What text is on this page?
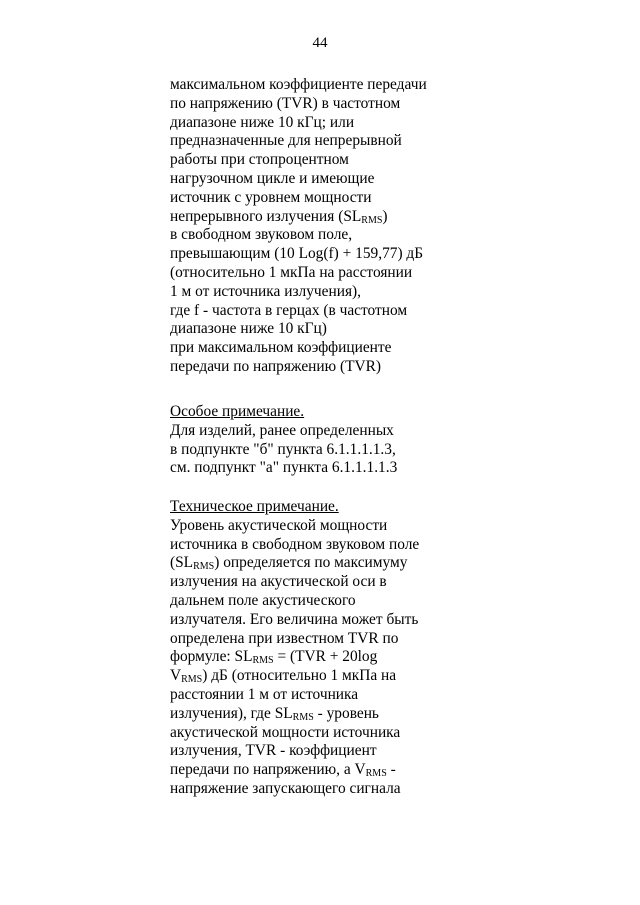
44
максимальном коэффициенте передачи
по напряжению (TVR) в частотном
диапазоне ниже 10 кГц; или
предназначенные для непрерывной
работы при стопроцентном
нагрузочном цикле и имеющие
источник с уровнем мощности
непрерывного излучения $(SL_{RMS})$
в свободном звуковом поле,
превышающим (10 Log(f) + 159,77) дБ
(относительно 1 мкПа на расстоянии
1 м от источника излучения),
где f - частота в герцах (в частотном
диапазоне ниже 10 кГц)
при максимальном коэффициенте
передачи по напряжению (TVR)
Особое примечание.
Для изделий, ранее определенных
в подпункте "б" пункта 6.1.1.1.1.3,
см. подпункт "а" пункта 6.1.1.1.1.3
Техническое примечание.
Уровень акустической мощности
источника в свободном звуковом поле
$(SL_{RMS})$ определяется по максимуму
излучения на акустической оси в
дальнем поле акустического
излучателя. Его величина может быть
определена при известном TVR по
формуле: $SL_{RMS} = (TVR + 20\log$
$V_{RMS}$) дБ (относительно 1 мкПа на
расстоянии 1 м от источника
излучения), где $SL_{RMS}$ - уровень
акустической мощности источника
излучения, TVR - коэффициент
передачи по напряжению, а $V_{RMS}$ -
напряжение запускающего сигнала
